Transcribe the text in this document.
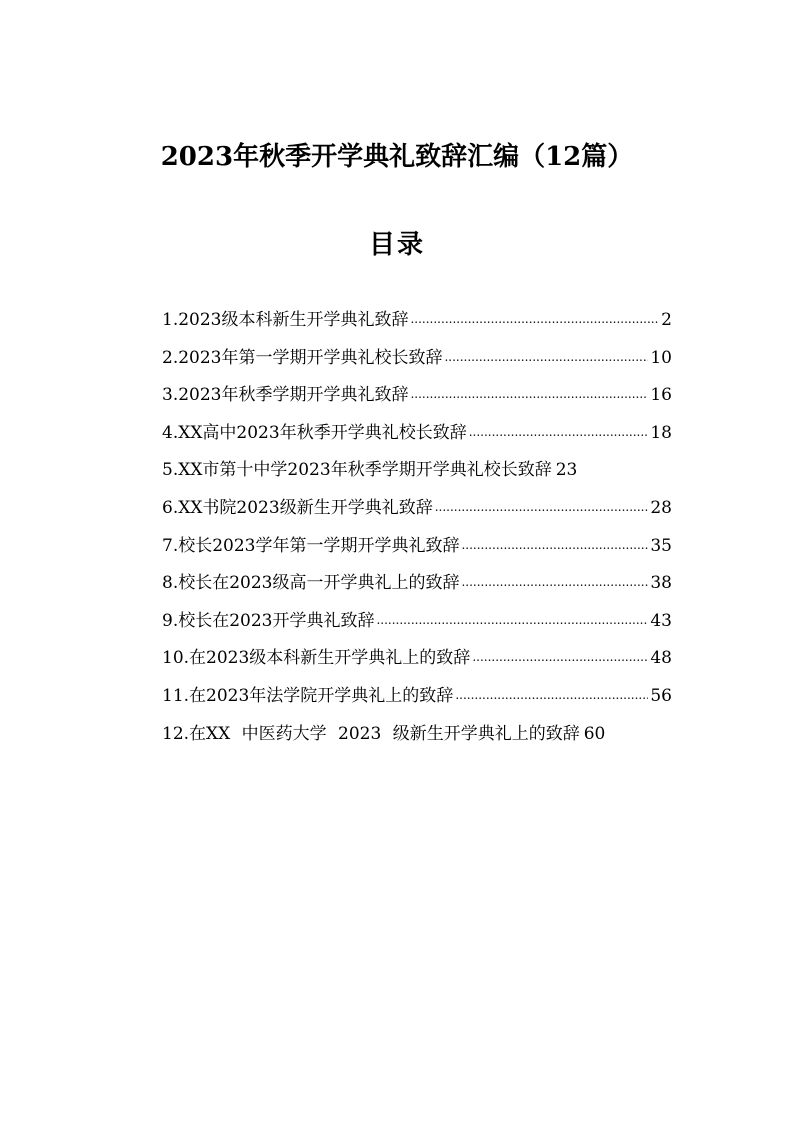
2023年秋季开学典礼致辞汇编（12篇）
目录
1.2023级本科新生开学典礼致辞 .....	2
2.2023年第一学期开学典礼校长致辞 .....	10
3.2023年秋季学期开学典礼致辞 .....	16
4.XX高中2023年秋季开学典礼校长致辞 .....	18
5.XX市第十中学2023年秋季学期开学典礼校长致辞 23
6.XX书院2023级新生开学典礼致辞 .....	28
7.校长2023学年第一学期开学典礼致辞 .....	35
8.校长在2023级高一开学典礼上的致辞 .....	38
9.校长在2023开学典礼致辞 .....	43
10.在2023级本科新生开学典礼上的致辞 .....	48
11.在2023年法学院开学典礼上的致辞 .....	56
12.在XX 中医药大学 2023 级新生开学典礼上的致辞 60
